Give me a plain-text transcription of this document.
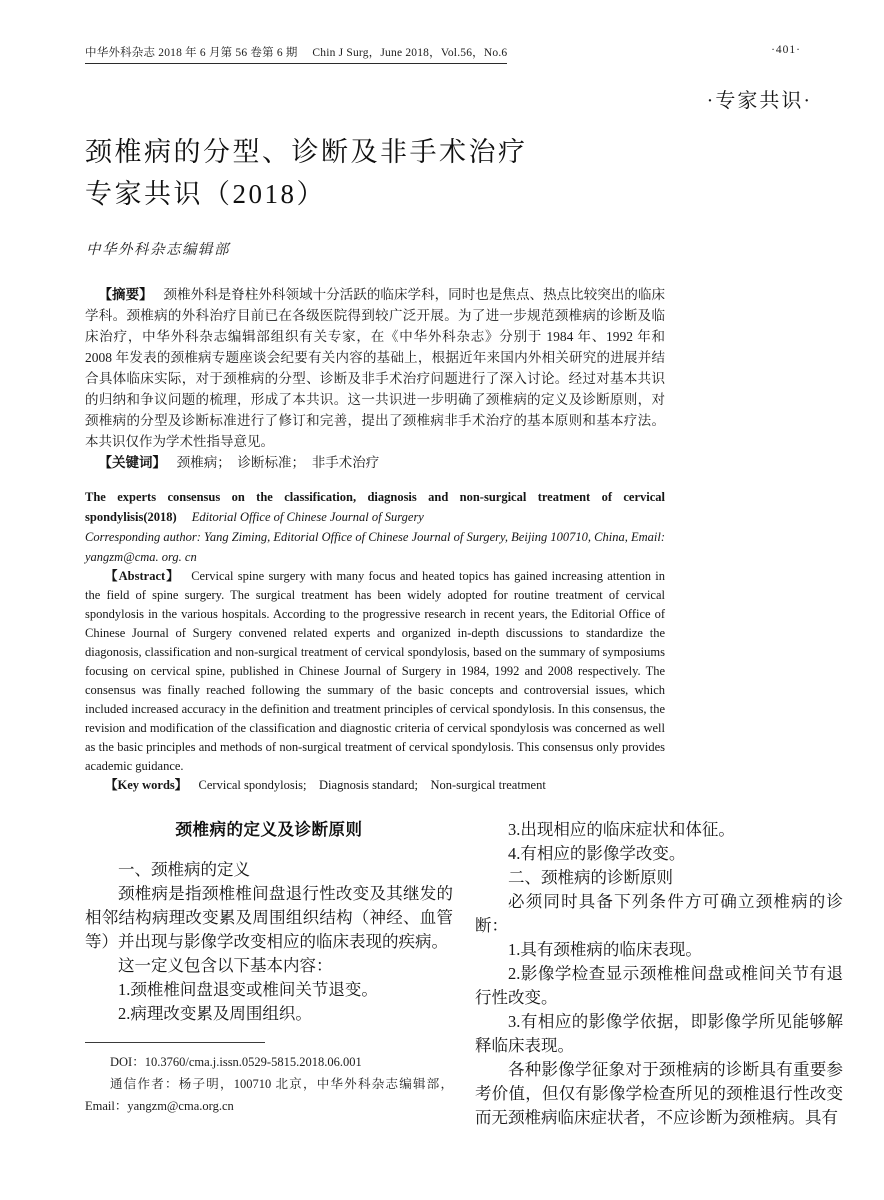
中华外科杂志 2018 年 6 月第 56 卷第 6 期　 Chin J Surg，June 2018，Vol.56，No.6	·401·
·专家共识·
颈椎病的分型、诊断及非手术治疗
专家共识（2018）
中华外科杂志编辑部

【摘要】 颈椎外科是脊柱外科领域十分活跃的临床学科，同时也是焦点、热点比较突出的临床学科。颈椎病的外科治疗目前已在各级医院得到较广泛开展。为了进一步规范颈椎病的诊断及临床治疗，中华外科杂志编辑部组织有关专家，在《中华外科杂志》分别于 1984 年、1992 年和 2008 年发表的颈椎病专题座谈会纪要有关内容的基础上，根据近年来国内外相关研究的进展并结合具体临床实际，对于颈椎病的分型、诊断及非手术治疗问题进行了深入讨论。经过对基本共识的归纳和争议问题的梳理，形成了本共识。这一共识进一步明确了颈椎病的定义及诊断原则，对颈椎病的分型及诊断标准进行了修订和完善，提出了颈椎病非手术治疗的基本原则和基本疗法。本共识仅作为学术性指导意见。

【关键词】 颈椎病；　诊断标准；　非手术治疗

The experts consensus on the classification, diagnosis and non-surgical treatment of cervical spondylisis(2018) Editorial Office of Chinese Journal of Surgery

Corresponding author: Yang Ziming, Editorial Office of Chinese Journal of Surgery, Beijing 100710, China, Email: yangzm@cma. org. cn

【Abstract】 Cervical spine surgery with many focus and heated topics has gained increasing attention in the field of spine surgery. The surgical treatment has been widely adopted for routine treatment of cervical spondylosis in the various hospitals. According to the progressive research in recent years, the Editorial Office of Chinese Journal of Surgery convened related experts and organized in-depth discussions to standardize the diagonosis, classification and non-surgical treatment of cervical spondylosis, based on the summary of symposiums focusing on cervical spine, published in Chinese Journal of Surgery in 1984, 1992 and 2008 respectively. The consensus was finally reached following the summary of the basic concepts and controversial issues, which included increased accuracy in the definition and treatment principles of cervical spondylosis. In this consensus, the revision and modification of the classification and diagnostic criteria of cervical spondylosis was concerned as well as the basic principles and methods of non-surgical treatment of cervical spondylosis. This consensus only provides academic guidance.

【Key words】 Cervical spondylosis;　Diagnosis standard;　Non-surgical treatment

颈椎病的定义及诊断原则

一、颈椎病的定义

颈椎病是指颈椎椎间盘退行性改变及其继发的相邻结构病理改变累及周围组织结构（神经、血管等）并出现与影像学改变相应的临床表现的疾病。

这一定义包含以下基本内容：

1.颈椎椎间盘退变或椎间关节退变。

2.病理改变累及周围组织。

3.出现相应的临床症状和体征。

4.有相应的影像学改变。

二、颈椎病的诊断原则

必须同时具备下列条件方可确立颈椎病的诊断：

1.具有颈椎病的临床表现。

2.影像学检查显示颈椎椎间盘或椎间关节有退行性改变。

3.有相应的影像学依据，即影像学所见能够解释临床表现。

各种影像学征象对于颈椎病的诊断具有重要参考价值，但仅有影像学检查所见的颈椎退行性改变而无颈椎病临床症状者，不应诊断为颈椎病。具有

DOI：10.3760/cma.j.issn.0529-5815.2018.06.001

通信作者：杨子明，100710 北京，中华外科杂志编辑部，Email：yangzm@cma.org.cn
